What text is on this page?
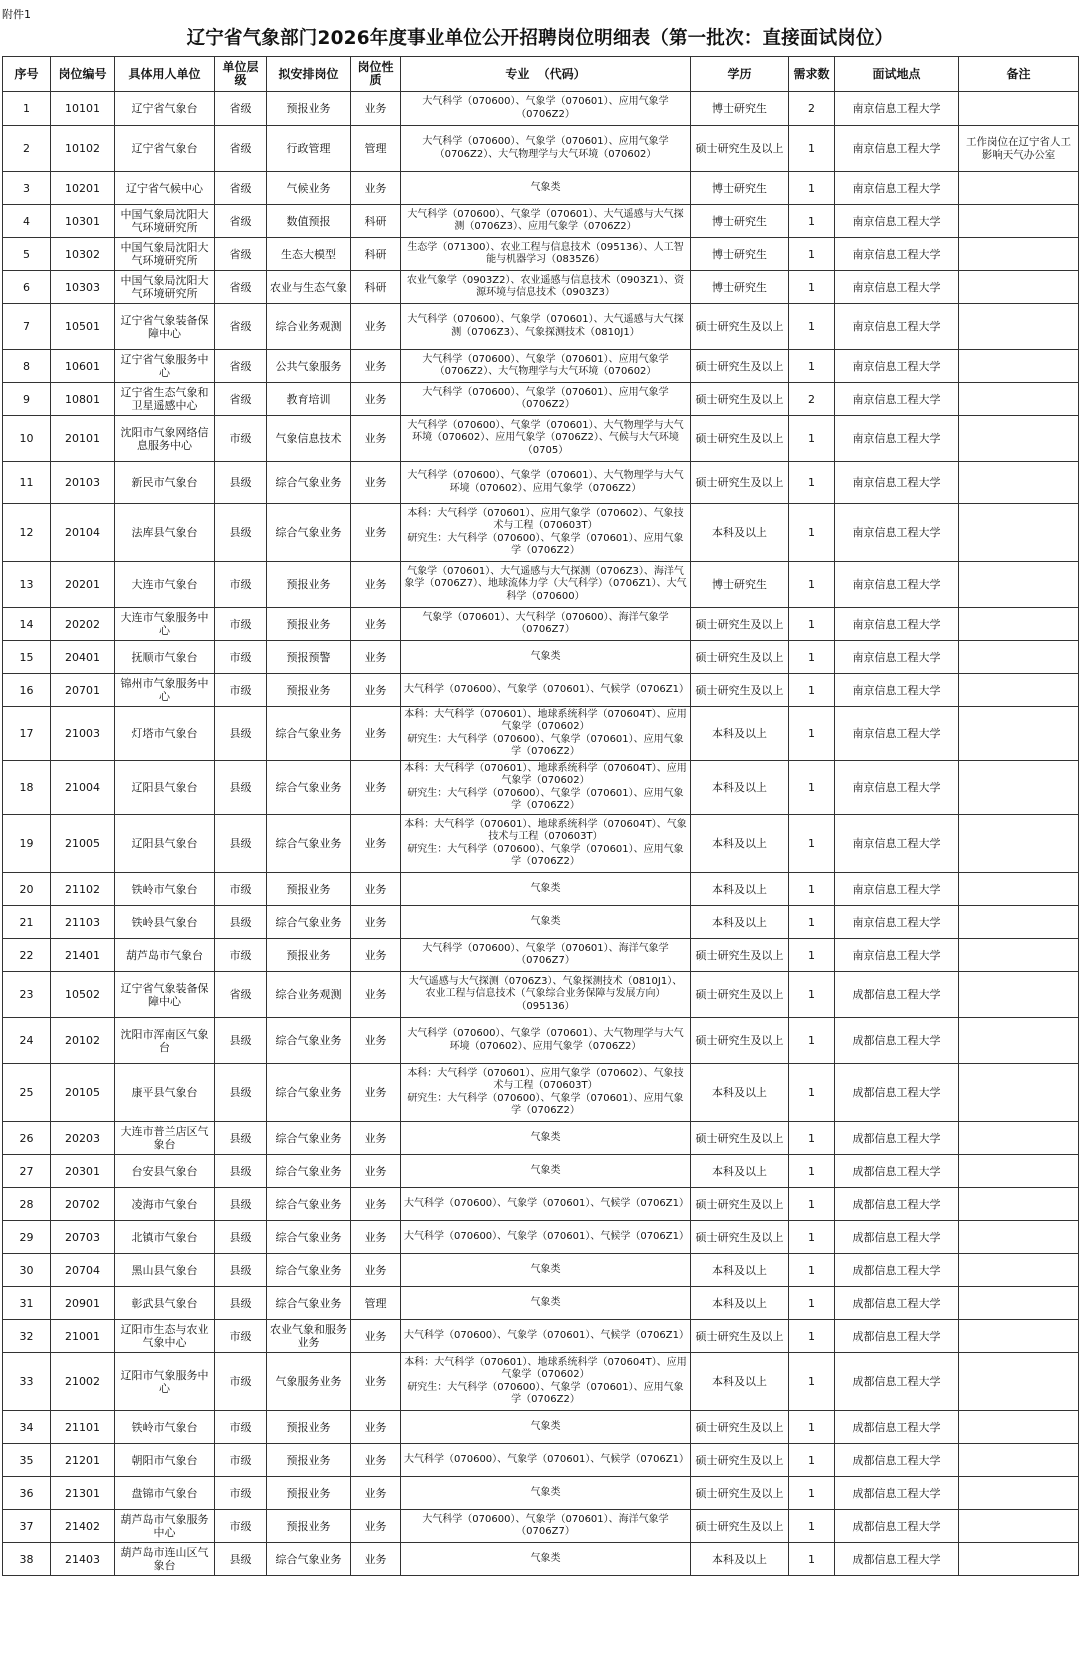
附件1
辽宁省气象部门2026年度事业单位公开招聘岗位明细表（第一批次：直接面试岗位）
序号	岗位编号	具体用人单位	单位层级	拟安排岗位	岗位性质	专业  （代码）	学历	需求数	面试地点	备注
1	10101	辽宁省气象台	省级	预报业务	业务	大气科学（070600）、气象学（070601）、应用气象学（0706Z2）	博士研究生	2	南京信息工程大学	
2	10102	辽宁省气象台	省级	行政管理	管理	大气科学（070600）、气象学（070601）、应用气象学（0706Z2）、大气物理学与大气环境（070602）	硕士研究生及以上	1	南京信息工程大学	工作岗位在辽宁省人工影响天气办公室
3	10201	辽宁省气候中心	省级	气候业务	业务	气象类	博士研究生	1	南京信息工程大学	
4	10301	中国气象局沈阳大气环境研究所	省级	数值预报	科研	大气科学（070600）、气象学（070601）、大气遥感与大气探测（0706Z3）、应用气象学（0706Z2）	博士研究生	1	南京信息工程大学	
5	10302	中国气象局沈阳大气环境研究所	省级	生态大模型	科研	生态学（071300）、农业工程与信息技术（095136）、人工智能与机器学习（0835Z6）	博士研究生	1	南京信息工程大学	
6	10303	中国气象局沈阳大气环境研究所	省级	农业与生态气象	科研	农业气象学（0903Z2）、农业遥感与信息技术（0903Z1）、资源环境与信息技术（0903Z3）	博士研究生	1	南京信息工程大学	
7	10501	辽宁省气象装备保障中心	省级	综合业务观测	业务	大气科学（070600）、气象学（070601）、大气遥感与大气探测（0706Z3）、气象探测技术（0810J1）	硕士研究生及以上	1	南京信息工程大学	
8	10601	辽宁省气象服务中心	省级	公共气象服务	业务	大气科学（070600）、气象学（070601）、应用气象学（0706Z2）、大气物理学与大气环境（070602）	硕士研究生及以上	1	南京信息工程大学	
9	10801	辽宁省生态气象和卫星遥感中心	省级	教育培训	业务	大气科学（070600）、气象学（070601）、应用气象学（0706Z2）	硕士研究生及以上	2	南京信息工程大学	
10	20101	沈阳市气象网络信息服务中心	市级	气象信息技术	业务	大气科学（070600）、气象学（070601）、大气物理学与大气环境（070602）、应用气象学（0706Z2）、气候与大气环境（0705）	硕士研究生及以上	1	南京信息工程大学	
11	20103	新民市气象台	县级	综合气象业务	业务	大气科学（070600）、气象学（070601）、大气物理学与大气环境（070602）、应用气象学（0706Z2）	硕士研究生及以上	1	南京信息工程大学	
12	20104	法库县气象台	县级	综合气象业务	业务	本科：大气科学（070601）、应用气象学（070602）、气象技术与工程（070603T）
研究生：大气科学（070600）、气象学（070601）、应用气象学（0706Z2）	本科及以上	1	南京信息工程大学	
13	20201	大连市气象台	市级	预报业务	业务	气象学（070601）、大气遥感与大气探测（0706Z3）、海洋气象学（0706Z7）、地球流体力学（大气科学）（0706Z1）、大气科学（070600）	博士研究生	1	南京信息工程大学	
14	20202	大连市气象服务中心	市级	预报业务	业务	气象学（070601）、大气科学（070600）、海洋气象学（0706Z7）	硕士研究生及以上	1	南京信息工程大学	
15	20401	抚顺市气象台	市级	预报预警	业务	气象类	硕士研究生及以上	1	南京信息工程大学	
16	20701	锦州市气象服务中心	市级	预报业务	业务	大气科学（070600）、气象学（070601）、气候学（0706Z1）	硕士研究生及以上	1	南京信息工程大学	
17	21003	灯塔市气象台	县级	综合气象业务	业务	本科：大气科学（070601）、地球系统科学（070604T）、应用气象学（070602）
研究生：大气科学（070600）、气象学（070601）、应用气象学（0706Z2）	本科及以上	1	南京信息工程大学	
18	21004	辽阳县气象台	县级	综合气象业务	业务	本科：大气科学（070601）、地球系统科学（070604T）、应用气象学（070602）
研究生：大气科学（070600）、气象学（070601）、应用气象学（0706Z2）	本科及以上	1	南京信息工程大学	
19	21005	辽阳县气象台	县级	综合气象业务	业务	本科：大气科学（070601）、地球系统科学（070604T）、气象技术与工程（070603T）
研究生：大气科学（070600）、气象学（070601）、应用气象学（0706Z2）	本科及以上	1	南京信息工程大学	
20	21102	铁岭市气象台	市级	预报业务	业务	气象类	本科及以上	1	南京信息工程大学	
21	21103	铁岭县气象台	县级	综合气象业务	业务	气象类	本科及以上	1	南京信息工程大学	
22	21401	葫芦岛市气象台	市级	预报业务	业务	大气科学（070600）、气象学（070601）、海洋气象学（0706Z7）	硕士研究生及以上	1	南京信息工程大学	
23	10502	辽宁省气象装备保障中心	省级	综合业务观测	业务	大气遥感与大气探测（0706Z3）、气象探测技术（0810J1）、农业工程与信息技术（气象综合业务保障与发展方向）（095136）	硕士研究生及以上	1	成都信息工程大学	
24	20102	沈阳市浑南区气象台	县级	综合气象业务	业务	大气科学（070600）、气象学（070601）、大气物理学与大气环境（070602）、应用气象学（0706Z2）	硕士研究生及以上	1	成都信息工程大学	
25	20105	康平县气象台	县级	综合气象业务	业务	本科：大气科学（070601）、应用气象学（070602）、气象技术与工程（070603T）
研究生：大气科学（070600）、气象学（070601）、应用气象学（0706Z2）	本科及以上	1	成都信息工程大学	
26	20203	大连市普兰店区气象台	县级	综合气象业务	业务	气象类	硕士研究生及以上	1	成都信息工程大学	
27	20301	台安县气象台	县级	综合气象业务	业务	气象类	本科及以上	1	成都信息工程大学	
28	20702	凌海市气象台	县级	综合气象业务	业务	大气科学（070600）、气象学（070601）、气候学（0706Z1）	硕士研究生及以上	1	成都信息工程大学	
29	20703	北镇市气象台	县级	综合气象业务	业务	大气科学（070600）、气象学（070601）、气候学（0706Z1）	硕士研究生及以上	1	成都信息工程大学	
30	20704	黑山县气象台	县级	综合气象业务	业务	气象类	本科及以上	1	成都信息工程大学	
31	20901	彰武县气象台	县级	综合气象业务	管理	气象类	本科及以上	1	成都信息工程大学	
32	21001	辽阳市生态与农业气象中心	市级	农业气象和服务业务	业务	大气科学（070600）、气象学（070601）、气候学（0706Z1）	硕士研究生及以上	1	成都信息工程大学	
33	21002	辽阳市气象服务中心	市级	气象服务业务	业务	本科：大气科学（070601）、地球系统科学（070604T）、应用气象学（070602）
研究生：大气科学（070600）、气象学（070601）、应用气象学（0706Z2）	本科及以上	1	成都信息工程大学	
34	21101	铁岭市气象台	市级	预报业务	业务	气象类	硕士研究生及以上	1	成都信息工程大学	
35	21201	朝阳市气象台	市级	预报业务	业务	大气科学（070600）、气象学（070601）、气候学（0706Z1）	硕士研究生及以上	1	成都信息工程大学	
36	21301	盘锦市气象台	市级	预报业务	业务	气象类	硕士研究生及以上	1	成都信息工程大学	
37	21402	葫芦岛市气象服务中心	市级	预报业务	业务	大气科学（070600）、气象学（070601）、海洋气象学（0706Z7）	硕士研究生及以上	1	成都信息工程大学	
38	21403	葫芦岛市连山区气象台	县级	综合气象业务	业务	气象类	本科及以上	1	成都信息工程大学	
